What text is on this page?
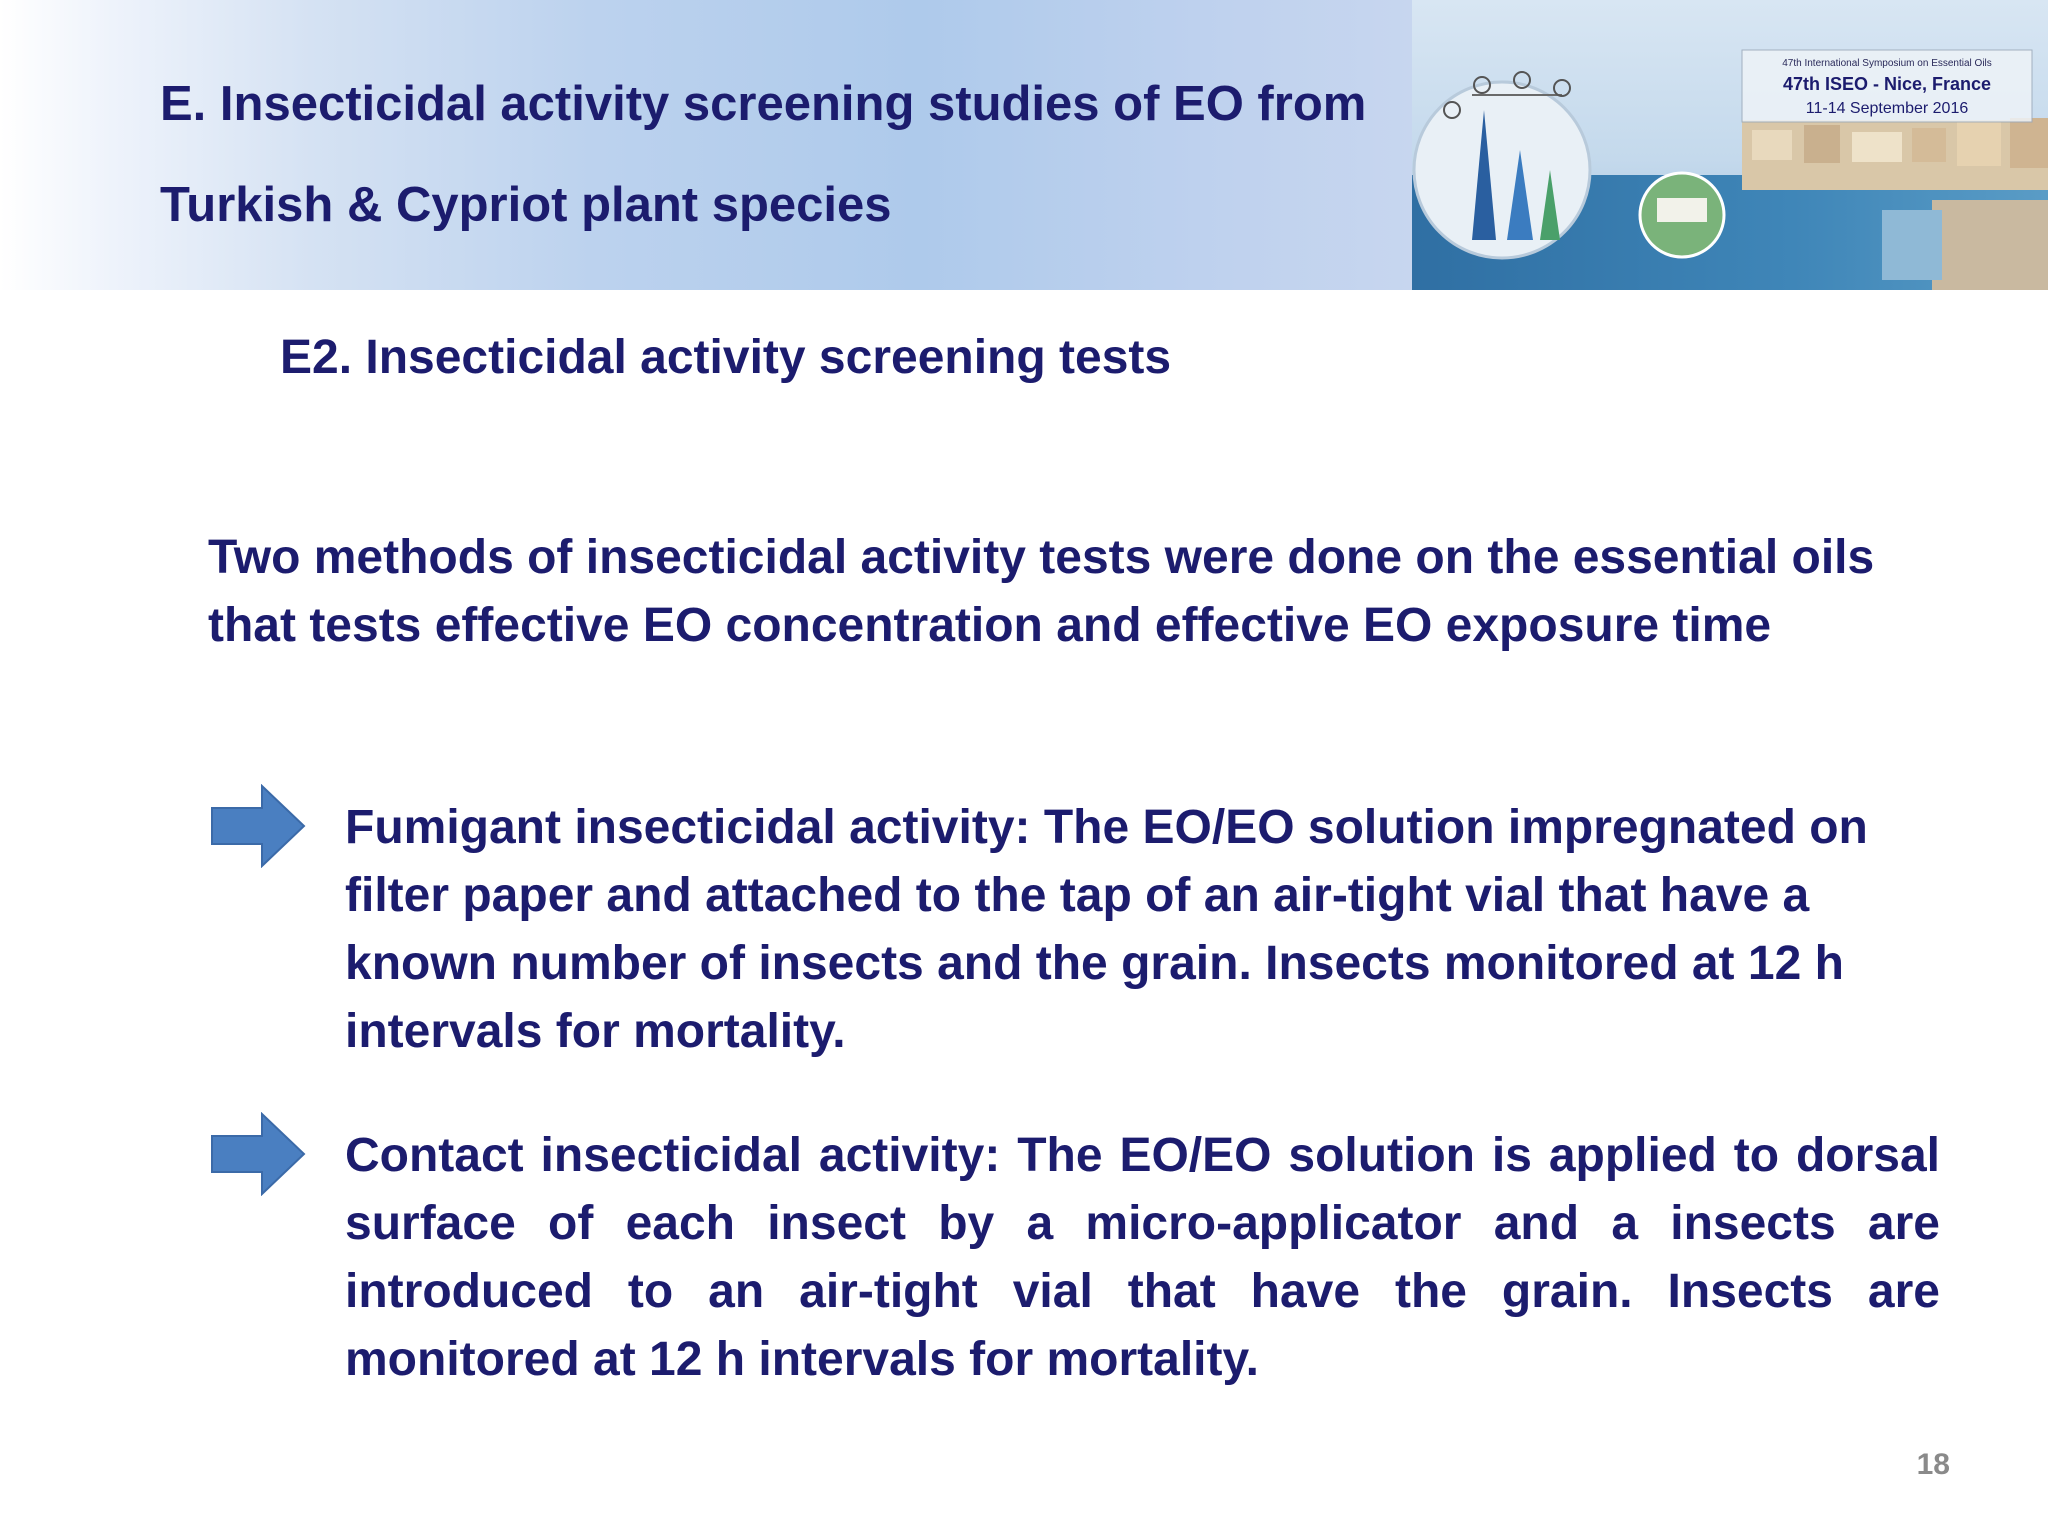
E. Insecticidal activity screening studies of EO from
Turkish & Cypriot plant species
47th International Symposium on Essential Oils
47th ISEO - Nice, France
11-14 September 2016
E2. Insecticidal activity screening tests
Two methods of insecticidal activity tests were done on the essential oils that tests effective EO concentration and effective EO exposure time
Fumigant insecticidal activity: The EO/EO solution impregnated on filter paper and attached to the tap of an air-tight vial that have a known number of insects and the grain. Insects monitored at 12 h intervals for mortality.
Contact insecticidal activity: The EO/EO solution is applied to dorsal surface of each insect by a micro-applicator and a insects are introduced to an air-tight vial that have the grain. Insects are monitored at 12 h intervals for mortality.
18
